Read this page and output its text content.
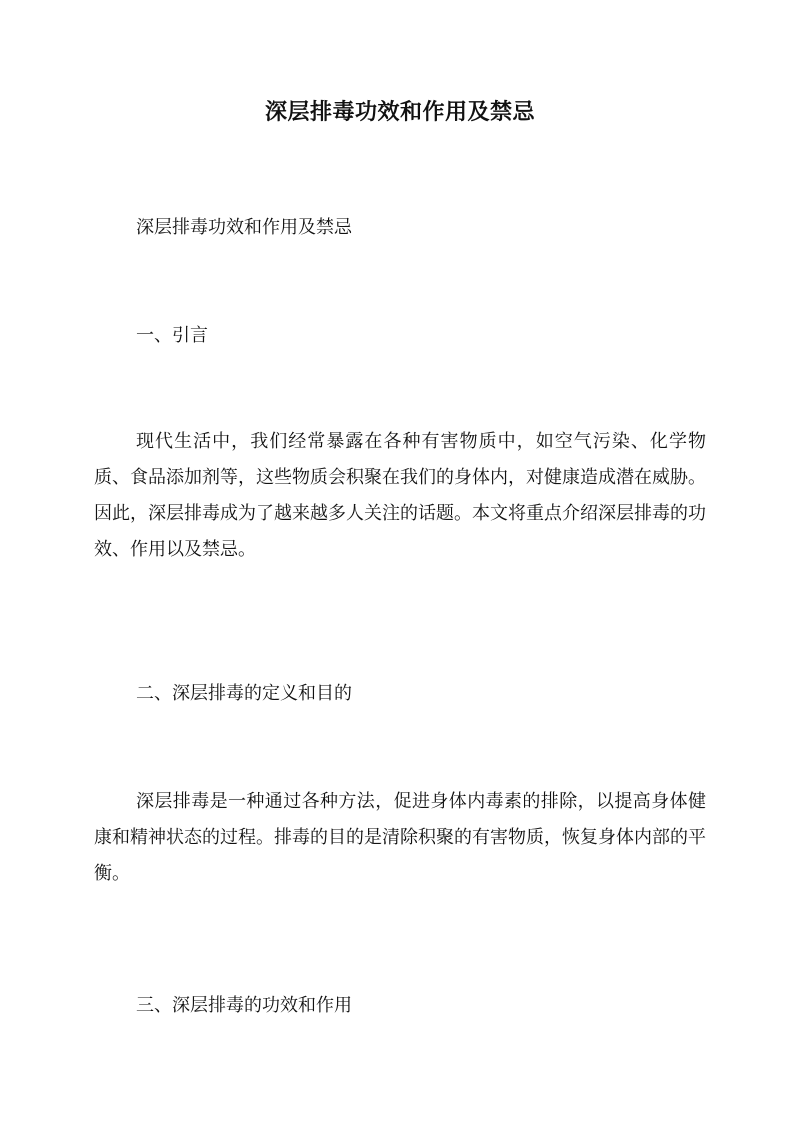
深层排毒功效和作用及禁忌

深层排毒功效和作用及禁忌

一、引言

现代生活中，我们经常暴露在各种有害物质中，如空气污染、化学物质、食品添加剂等，这些物质会积聚在我们的身体内，对健康造成潜在威胁。因此，深层排毒成为了越来越多人关注的话题。本文将重点介绍深层排毒的功效、作用以及禁忌。

二、深层排毒的定义和目的

深层排毒是一种通过各种方法，促进身体内毒素的排除，以提高身体健康和精神状态的过程。排毒的目的是清除积聚的有害物质，恢复身体内部的平衡。

三、深层排毒的功效和作用
